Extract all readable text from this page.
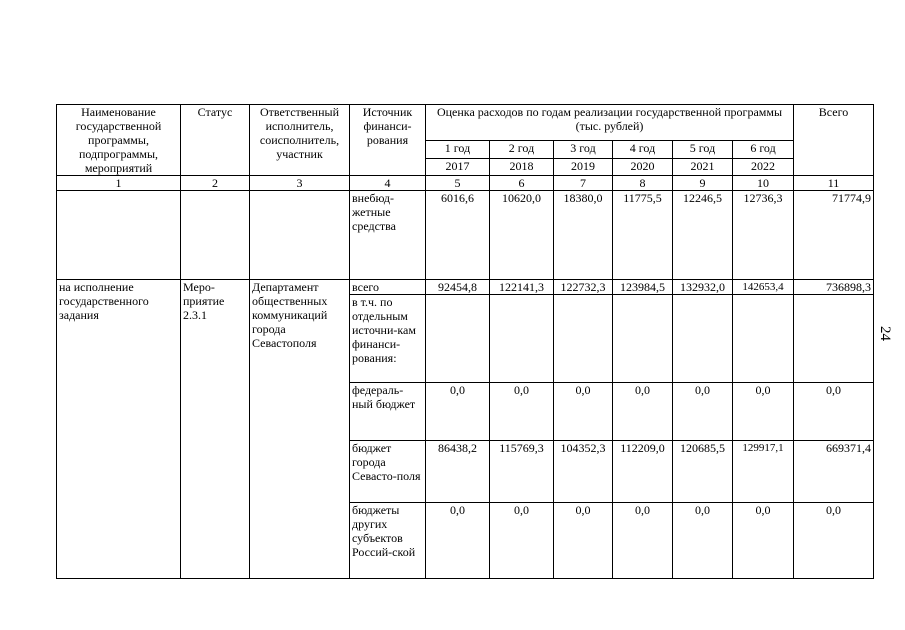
Наименование государственной программы, подпрограммы, мероприятий	Статус	Ответственный исполнитель, соисполнитель, участник	Источник финанси-рования	Оценка расходов по годам реализации государственной программы (тыс. рублей)						Всего
				1 год	2 год	3 год	4 год	5 год	6 год	
				2017	2018	2019	2020	2021	2022	
1	2	3	4	5	6	7	8	9	10	11
			внебюд-жетные средства	6016,6	10620,0	18380,0	11775,5	12246,5	12736,3	71774,9
на исполнение государственного задания	Меро-приятие 2.3.1	Департамент общественных коммуникаций города Севастополя	всего	92454,8	122141,3	122732,3	123984,5	132932,0	142653,4	736898,3
			в т.ч. по отдельным источни-кам финанси-рования:							
			федераль-ный бюджет	0,0	0,0	0,0	0,0	0,0	0,0	0,0
			бюджет города Севасто-поля	86438,2	115769,3	104352,3	112209,0	120685,5	129917,1	669371,4
			бюджеты других субъектов Россий-ской	0,0	0,0	0,0	0,0	0,0	0,0	0,0
24
